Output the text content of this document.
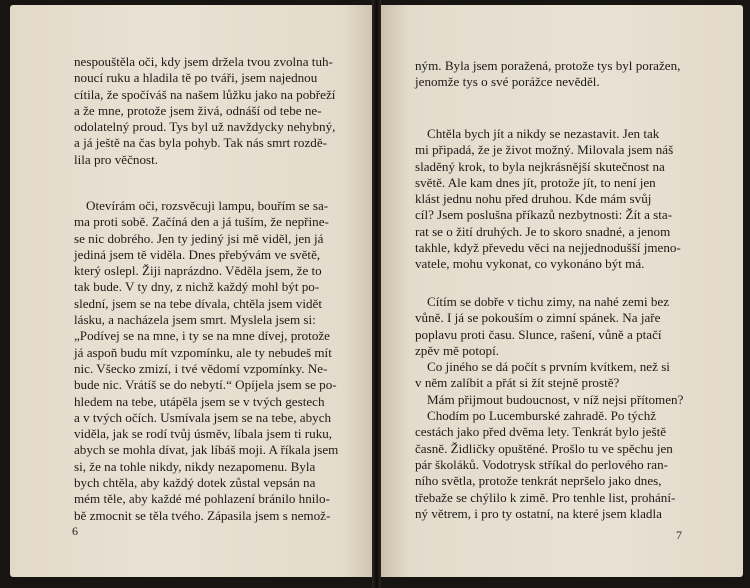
nespouštěla oči, kdy jsem držela tvou zvolna tuh-

noucí ruku a hladila tě po tváři, jsem najednou

cítila, že spočíváš na našem lůžku jako na pobřeží

a že mne, protože jsem živá, odnáší od tebe ne-

odolatelný proud. Tys byl už navždycky nehybný,

a já ještě na čas byla pohyb. Tak nás smrt rozdě-

lila pro věčnost.

Otevírám oči, rozsvěcuji lampu, bouřím se sa-

ma proti sobě. Začíná den a já tuším, že nepřine-

se nic dobrého. Jen ty jediný jsi mě viděl, jen já

jediná jsem tě viděla. Dnes přebývám ve světě,

který oslepl. Žiji naprázdno. Věděla jsem, že to

tak bude. V ty dny, z nichž každý mohl být po-

slední, jsem se na tebe dívala, chtěla jsem vidět

lásku, a nacházela jsem smrt. Myslela jsem si:

„Podívej se na mne, i ty se na mne dívej, protože

já aspoň budu mít vzpomínku, ale ty nebudeš mít

nic. Všecko zmizí, i tvé vědomí vzpomínky. Ne-

bude nic. Vrátíš se do nebytí.“ Opíjela jsem se po-

hledem na tebe, utápěla jsem se v tvých gestech

a v tvých očích. Usmívala jsem se na tebe, abych

viděla, jak se rodí tvůj úsměv, líbala jsem ti ruku,

abych se mohla dívat, jak líbáš moji. A říkala jsem

si, že na tohle nikdy, nikdy nezapomenu. Byla

bych chtěla, aby každý dotek zůstal vepsán na

mém těle, aby každé mé pohlazení bránilo hnilo-

bě zmocnit se těla tvého. Zápasila jsem s nemož-

6

ným. Byla jsem poražená, protože tys byl poražen,

jenomže tys o své porážce nevěděl.

Chtěla bych jít a nikdy se nezastavit. Jen tak

mi připadá, že je život možný. Milovala jsem náš

sladěný krok, to byla nejkrásnější skutečnost na

světě. Ale kam dnes jít, protože jít, to není jen

klást jednu nohu před druhou. Kde mám svůj

cíl? Jsem poslušna příkazů nezbytnosti: Žít a sta-

rat se o žití druhých. Je to skoro snadné, a jenom

takhle, když převedu věci na nejjednodušší jmeno-

vatele, mohu vykonat, co vykonáno být má.

Cítím se dobře v tichu zimy, na nahé zemi bez

vůně. I já se pokouším o zimní spánek. Na jaře

poplavu proti času. Slunce, rašení, vůně a ptačí

zpěv mě potopí.

Co jiného se dá počít s prvním kvítkem, než si

v něm zalíbit a přát si žít stejně prostě?

Mám přijmout budoucnost, v níž nejsi přítomen?

Chodím po Lucemburské zahradě. Po týchž

cestách jako před dvěma lety. Tenkrát bylo ještě

časně. Židličky opuštěné. Prošlo tu ve spěchu jen

pár školáků. Vodotrysk stříkal do perlového ran-

ního světla, protože tenkrát nepršelo jako dnes,

třebaže se chýlilo k zimě. Pro tenhle list, prohání-

ný větrem, i pro ty ostatní, na které jsem kladla

7
